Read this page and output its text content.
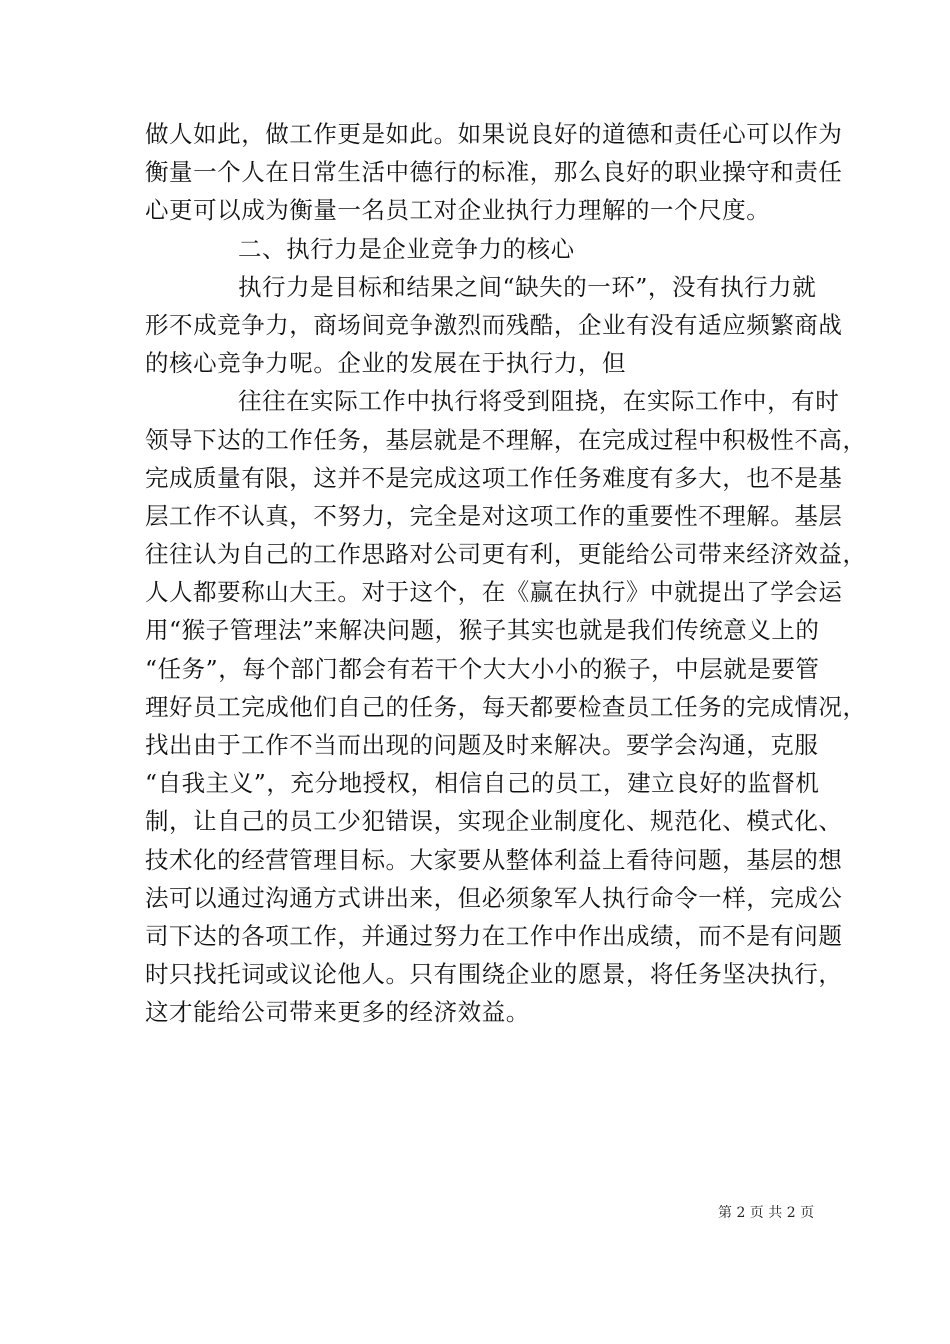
做人如此，做工作更是如此。如果说良好的道德和责任心可以作为

衡量一个人在日常生活中德行的标准，那么良好的职业操守和责任

心更可以成为衡量一名员工对企业执行力理解的一个尺度。

二、执行力是企业竞争力的核心

执行力是目标和结果之间“缺失的一环”，没有执行力就

形不成竞争力，商场间竞争激烈而残酷，企业有没有适应频繁商战

的核心竞争力呢。企业的发展在于执行力，但

往往在实际工作中执行将受到阻挠，在实际工作中，有时

领导下达的工作任务，基层就是不理解，在完成过程中积极性不高，

完成质量有限，这并不是完成这项工作任务难度有多大，也不是基

层工作不认真，不努力，完全是对这项工作的重要性不理解。基层

往往认为自己的工作思路对公司更有利，更能给公司带来经济效益，

人人都要称山大王。对于这个，在《赢在执行》中就提出了学会运

用“猴子管理法”来解决问题，猴子其实也就是我们传统意义上的

“任务”，每个部门都会有若干个大大小小的猴子，中层就是要管

理好员工完成他们自己的任务，每天都要检查员工任务的完成情况，

找出由于工作不当而出现的问题及时来解决。要学会沟通，克服

“自我主义”，充分地授权，相信自己的员工，建立良好的监督机

制，让自己的员工少犯错误，实现企业制度化、规范化、模式化、

技术化的经营管理目标。大家要从整体利益上看待问题，基层的想

法可以通过沟通方式讲出来，但必须象军人执行命令一样，完成公

司下达的各项工作，并通过努力在工作中作出成绩，而不是有问题

时只找托词或议论他人。只有围绕企业的愿景，将任务坚决执行，

这才能给公司带来更多的经济效益。

第 2 页 共 2 页
